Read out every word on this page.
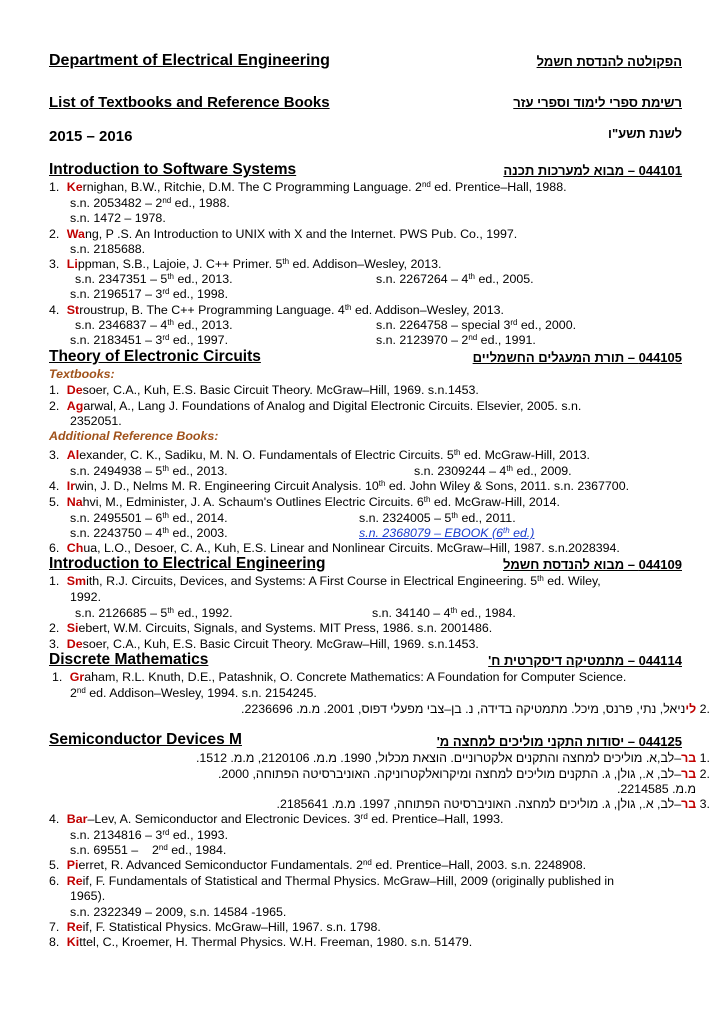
Department of Electrical Engineering	הפקולטה להנדסת חשמל
List of Textbooks and Reference Books	רשימת ספרי לימוד וספרי עזר
2015 – 2016	לשנת תשע"ו
Introduction to Software Systems	044101 – מבוא למערכות תכנה
1. Kernighan, B.W., Ritchie, D.M. The C Programming Language. 2nd ed. Prentice–Hall, 1988.
s.n. 2053482 – 2nd ed., 1988.
s.n. 1472 – 1978.
2. Wang, P .S. An Introduction to UNIX with X and the Internet. PWS Pub. Co., 1997.
s.n. 2185688.
3. Lippman, S.B., Lajoie, J. C++ Primer. 5th ed. Addison–Wesley, 2013.
s.n. 2347351 – 5th ed., 2013.	s.n. 2267264 – 4th ed., 2005.
s.n. 2196517 – 3rd ed., 1998.
4. Stroustrup, B. The C++ Programming Language. 4th ed. Addison–Wesley, 2013.
s.n. 2346837 – 4th ed., 2013.	s.n. 2264758 – special 3rd ed., 2000.
s.n. 2183451 – 3rd ed., 1997.	s.n. 2123970 – 2nd ed., 1991.
Theory of Electronic Circuits	044105 – תורת המעגלים החשמליים
Textbooks:
1. Desoer, C.A., Kuh, E.S. Basic Circuit Theory. McGraw–Hill, 1969. s.n.1453.
2. Agarwal, A., Lang J. Foundations of Analog and Digital Electronic Circuits. Elsevier, 2005. s.n.
2352051.
Additional Reference Books:
3. Alexander, C. K., Sadiku, M. N. O. Fundamentals of Electric Circuits. 5th ed. McGraw-Hill, 2013.
s.n. 2494938 – 5th ed., 2013.	s.n. 2309244 – 4th ed., 2009.
4. Irwin, J. D., Nelms M. R. Engineering Circuit Analysis. 10th ed. John Wiley & Sons, 2011. s.n. 2367700.
5. Nahvi, M., Edminister, J. A. Schaum's Outlines Electric Circuits. 6th ed. McGraw-Hill, 2014.
s.n. 2495501 – 6th ed., 2014.	s.n. 2324005 – 5th ed., 2011.
s.n. 2243750 – 4th ed., 2003.	s.n. 2368079 – EBOOK (6th ed.)
6. Chua, L.O., Desoer, C. A., Kuh, E.S. Linear and Nonlinear Circuits. McGraw–Hill, 1987. s.n.2028394.
Introduction to Electrical Engineering	044109 – מבוא להנדסת חשמל
1. Smith, R.J. Circuits, Devices, and Systems: A First Course in Electrical Engineering. 5th ed. Wiley,
1992.
s.n. 2126685 – 5th ed., 1992.	s.n. 34140 – 4th ed., 1984.
2. Siebert, W.M. Circuits, Signals, and Systems. MIT Press, 1986. s.n. 2001486.
3. Desoer, C.A., Kuh, E.S. Basic Circuit Theory. McGraw–Hill, 1969. s.n.1453.
Discrete Mathematics	044114 – מתמטיקה דיסקרטית ח'
1. Graham, R.L. Knuth, D.E., Patashnik, O. Concrete Mathematics: A Foundation for Computer Science.
2nd ed. Addison–Wesley, 1994. s.n. 2154245.
.2 ליניאל, נתי, פרנס, מיכל. מתמטיקה בדידה, נ. בן–צבי מפעלי דפוס, 2001. מ.מ. 2236696.
Semiconductor Devices M	044125 – יסודות התקני מוליכים למחצה מ'
.1 בר–לב,א. מוליכים למחצה והתקנים אלקטרוניים. הוצאת מכלול, 1990. מ.מ. 2120106, מ.מ. 1512.
.2 בר–לב, א., גולן, ג. התקנים מוליכים למחצה ומיקרואלקטרוניקה. האוניברסיטה הפתוחה, 2000.
מ.מ. 2214585.
.3 בר–לב, א., גולן, ג. מוליכים למחצה. האוניברסיטה הפתוחה, 1997. מ.מ. 2185641.
4. Bar–Lev, A. Semiconductor and Electronic Devices. 3rd ed. Prentice–Hall, 1993.
s.n. 2134816 – 3rd ed., 1993.
s.n. 69551 –    2nd ed., 1984.
5. Pierret, R. Advanced Semiconductor Fundamentals. 2nd ed. Prentice–Hall, 2003. s.n. 2248908.
6. Reif, F. Fundamentals of Statistical and Thermal Physics. McGraw–Hill, 2009 (originally published in
1965).
s.n. 2322349 – 2009, s.n. 14584 -1965.
7. Reif, F. Statistical Physics. McGraw–Hill, 1967. s.n. 1798.
8. Kittel, C., Kroemer, H. Thermal Physics. W.H. Freeman, 1980. s.n. 51479.
